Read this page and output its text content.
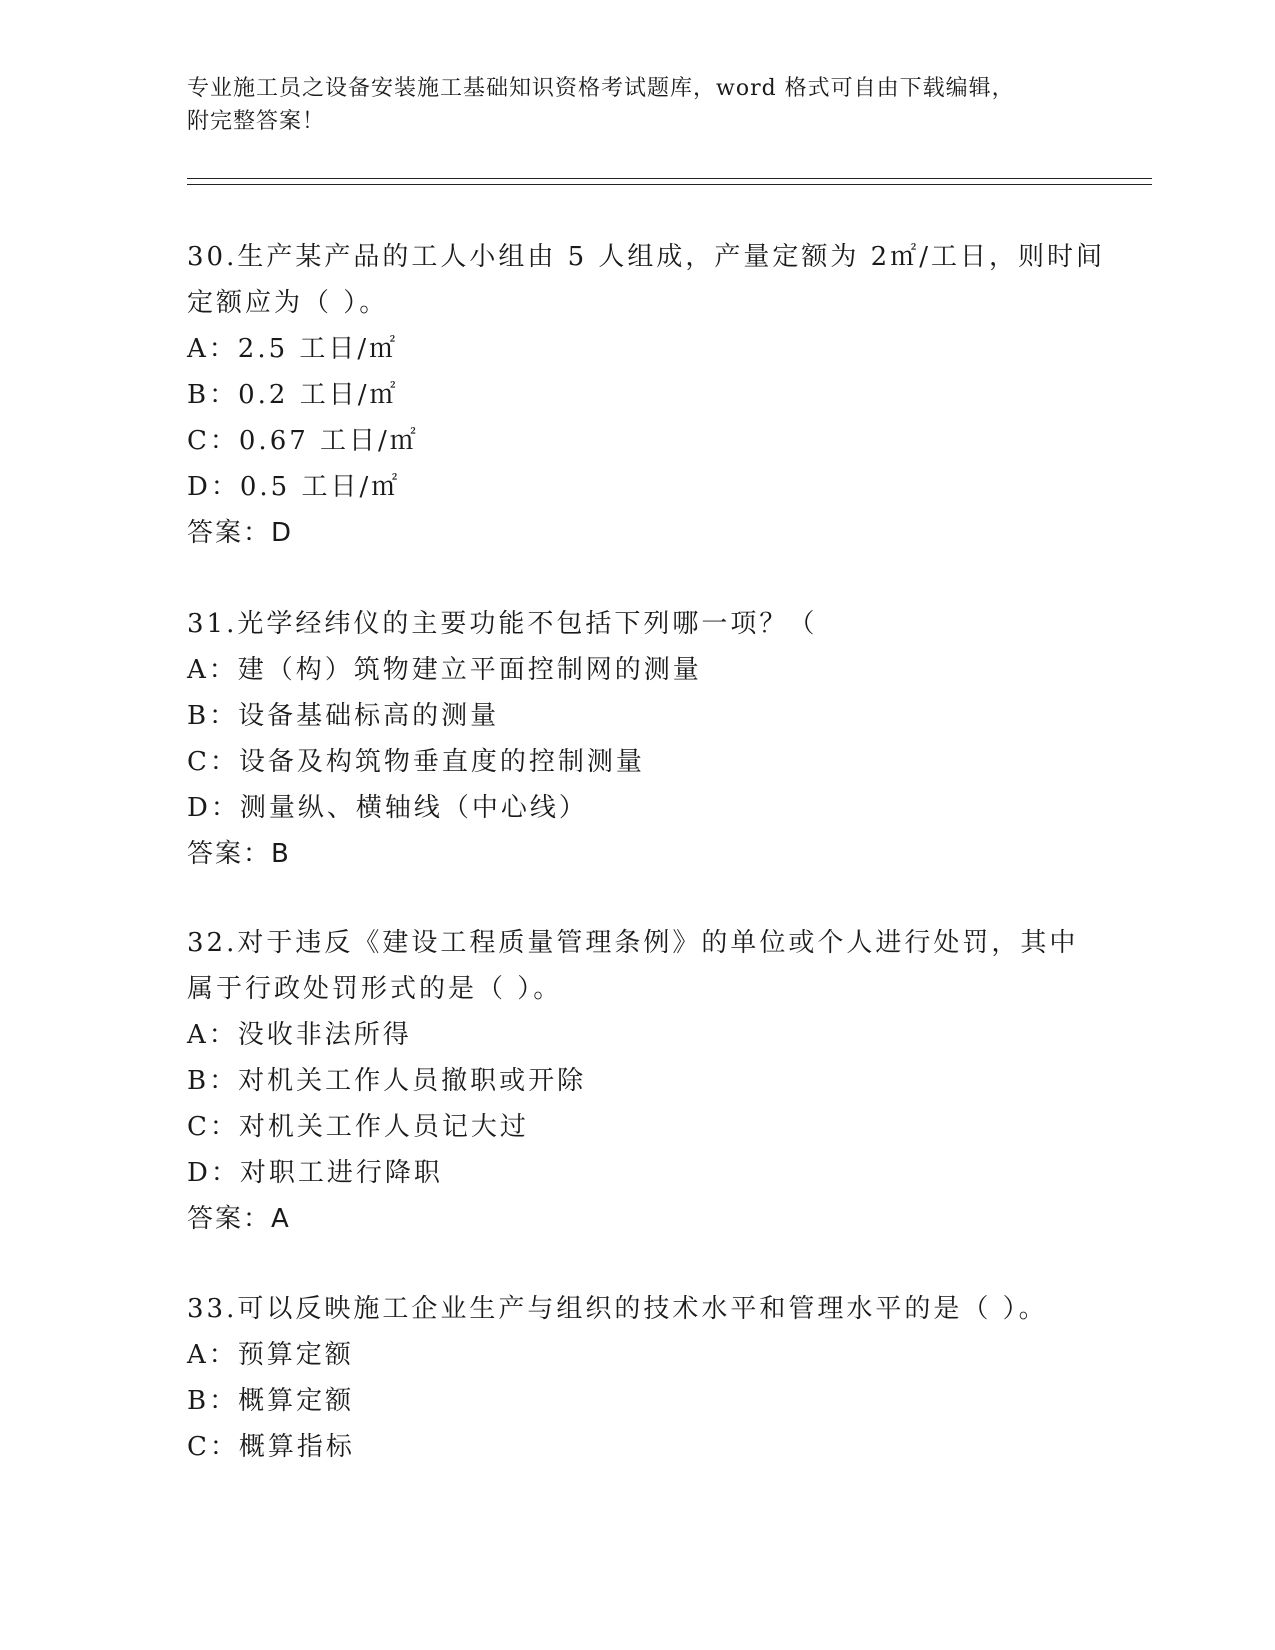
专业施工员之设备安装施工基础知识资格考试题库，word 格式可自由下载编辑，
附完整答案！
30.生产某产品的工人小组由 5 人组成，产量定额为 2㎡/工日，则时间
定额应为（ ）。
A：2.5 工日/㎡
B：0.2 工日/㎡
C：0.67 工日/㎡
D：0.5 工日/㎡
答案：D
31.光学经纬仪的主要功能不包括下列哪一项？（
A：建（构）筑物建立平面控制网的测量
B：设备基础标高的测量
C：设备及构筑物垂直度的控制测量
D：测量纵、横轴线（中心线）
答案：B
32.对于违反《建设工程质量管理条例》的单位或个人进行处罚，其中
属于行政处罚形式的是（ ）。
A：没收非法所得
B：对机关工作人员撤职或开除
C：对机关工作人员记大过
D：对职工进行降职
答案：A
33.可以反映施工企业生产与组织的技术水平和管理水平的是（ ）。
A：预算定额
B：概算定额
C：概算指标
